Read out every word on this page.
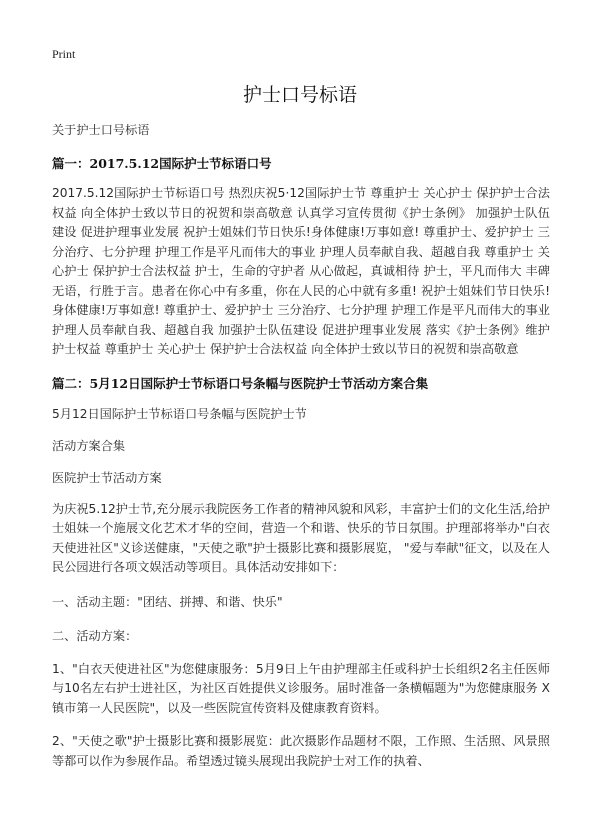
Print
护士口号标语

关于护士口号标语

篇一：2017.5.12国际护士节标语口号

2017.5.12国际护士节标语口号 热烈庆祝5·12国际护士节 尊重护士 关心护士 保护护士合法权益 向全体护士致以节日的祝贺和崇高敬意 认真学习宣传贯彻《护士条例》 加强护士队伍建设 促进护理事业发展 祝护士姐妹们节日快乐!身体健康!万事如意! 尊重护士、爱护护士 三分治疗、七分护理 护理工作是平凡而伟大的事业 护理人员奉献自我、超越自我 尊重护士 关心护士 保护护士合法权益 护士，生命的守护者 从心做起，真诚相待 护士，平凡而伟大 丰碑无语，行胜于言。患者在你心中有多重，你在人民的心中就有多重! 祝护士姐妹们节日快乐!身体健康!万事如意! 尊重护士、爱护护士 三分治疗、七分护理 护理工作是平凡而伟大的事业 护理人员奉献自我、超越自我 加强护士队伍建设 促进护理事业发展 落实《护士条例》维护护士权益 尊重护士 关心护士 保护护士合法权益 向全体护士致以节日的祝贺和崇高敬意

篇二：5月12日国际护士节标语口号条幅与医院护士节活动方案合集

5月12日国际护士节标语口号条幅与医院护士节

活动方案合集

医院护士节活动方案

为庆祝5.12护士节,充分展示我院医务工作者的精神风貌和风彩，丰富护士们的文化生活,给护士姐妹一个施展文化艺术才华的空间，营造一个和谐、快乐的节日氛围。护理部将举办"白衣天使进社区"义诊送健康，"天使之歌"护士摄影比赛和摄影展览， "爱与奉献"征文，以及在人民公园进行各项文娱活动等项目。具体活动安排如下：

一、活动主题："团结、拼搏、和谐、快乐"

二、活动方案：

1、"白衣天使进社区"为您健康服务：5月9日上午由护理部主任或科护士长组织2名主任医师与10名左右护士进社区，为社区百姓提供义诊服务。届时准备一条横幅题为"为您健康服务 X镇市第一人民医院"，以及一些医院宣传资料及健康教育资料。

2、"天使之歌"护士摄影比赛和摄影展览：此次摄影作品题材不限，工作照、生活照、风景照等都可以作为参展作品。希望透过镜头展现出我院护士对工作的执着、
